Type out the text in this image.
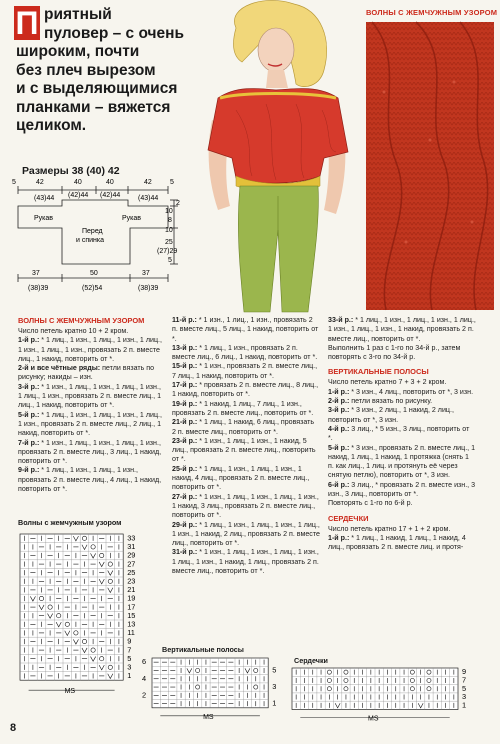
П риятный
пуловер – с очень
широким, почти
без плеч вырезом
и с выделяющимися
планками – вяжется
целиком.
Размеры 38 (40) 42
5	42
(43)44
40
(42)44
40
(42)44
42
(43)44
5
Рукав	Рукав
Перед
и спинка
2
10
8
10
25
(27)29
5
37
(38)39
50
(52)54
37
(38)39
ВОЛНЫ С ЖЕМЧУЖНЫМ УЗОРОМ

ВОЛНЫ С ЖЕМЧУЖНЫМ УЗОРОМ

Число петель кратно 10 + 2 кром.

1-й р.: * 1 лиц., 1 изн., 1 лиц., 1 изн., 1 лиц., 1 изн., 1 лиц., 1 изн., провязать 2 п. вместе лиц., 1 накид, повторить от *.

2-й и все чётные ряды: петли вязать по рисунку; накиды – изн.

3-й р.: * 1 изн., 1 лиц., 1 изн., 1 лиц., 1 изн., 1 лиц., 1 изн., провязать 2 п. вместе лиц., 1 лиц., 1 накид, повторить от *.

5-й р.: * 1 лиц., 1 изн., 1 лиц., 1 изн., 1 лиц., 1 изн., провязать 2 п. вместе лиц., 2 лиц., 1 накид, повторить от *.

7-й р.: * 1 изн., 1 лиц., 1 изн., 1 лиц., 1 изн., провязать 2 п. вместе лиц., 3 лиц., 1 накид, повторить от *.

9-й р.: * 1 лиц., 1 изн., 1 лиц., 1 изн., провязать 2 п. вместе лиц., 4 лиц., 1 накид, повторить от *.

11-й р.: * 1 изн., 1 лиц., 1 изн., провязать 2 п. вместе лиц., 5 лиц., 1 накид, повторить от *.

13-й р.: * 1 лиц., 1 изн., провязать 2 п. вместе лиц., 6 лиц., 1 накид, повторить от *.

15-й р.: * 1 изн., провязать 2 п. вместе лиц., 7 лиц., 1 накид, повторить от *.

17-й р.: * провязать 2 п. вместе лиц., 8 лиц., 1 накид, повторить от *.

19-й р.: * 1 накид, 1 лиц., 7 лиц., 1 изн., провязать 2 п. вместе лиц., повторить от *.

21-й р.: * 1 лиц., 1 накид, 6 лиц., провязать 2 п. вместе лиц., повторить от *.

23-й р.: * 1 изн., 1 лиц., 1 изн., 1 накид, 5 лиц., провязать 2 п. вместе лиц., повторить от *.

25-й р.: * 1 лиц., 1 изн., 1 лиц., 1 изн., 1 накид, 4 лиц., провязать 2 п. вместе лиц., повторить от *.

27-й р.: * 1 изн., 1 лиц., 1 изн., 1 лиц., 1 изн., 1 накид, 3 лиц., провязать 2 п. вместе лиц., повторить от *.

29-й р.: * 1 лиц., 1 изн., 1 лиц., 1 изн., 1 лиц., 1 изн., 1 накид, 2 лиц., провязать 2 п. вместе лиц., повторить от *.

31-й р.: * 1 изн., 1 лиц., 1 изн., 1 лиц., 1 изн., 1 лиц., 1 изн., 1 накид, 1 лиц., провязать 2 п. вместе лиц., повторить от *.

33-й р.: * 1 лиц., 1 изн., 1 лиц., 1 изн., 1 лиц., 1 изн., 1 лиц., 1 изн., 1 накид, провязать 2 п. вместе лиц., повторить от *.

Выполнить 1 раз с 1-го по 34-й р., затем повторять с 3-го по 34-й р.

ВЕРТИКАЛЬНЫЕ ПОЛОСЫ

Число петель кратно 7 + 3 + 2 кром.

1-й р.: * 3 изн., 4 лиц., повторить от *, 3 изн.

2-й р.: петли вязать по рисунку.

3-й р.: * 3 изн., 2 лиц., 1 накид, 2 лиц., повторить от *, 3 изн.

4-й р.: 3 лиц., * 5 изн., 3 лиц., повторить от *.

5-й р.: * 3 изн., провязать 2 п. вместе лиц., 1 накид, 1 лиц., 1 накид, 1 протяжка (снять 1 п. как лиц., 1 лиц. и протянуть её через снятую петлю), повторить от *, 3 изн.

6-й р.: 3 лиц., * провязать 2 п. вместе изн., 3 изн., 3 лиц., повторить от *.

Повторять с 1-го по 6-й р.

СЕРДЕЧКИ

Число петель кратно 17 + 1 + 2 кром.

1-й р.: * 1 лиц., 1 накид, 1 лиц., 1 накид, 4 лиц., провязать 2 п. вместе лиц. и протя-

Волны с жемчужным узором
33
31
29
27
25
23
21
19
17
15
13
11
9
7
5
3
1
MS
Вертикальные полосы
6
4
2
5
3
1
MS
Сердечки
9
7
5
3
1
MS
8
